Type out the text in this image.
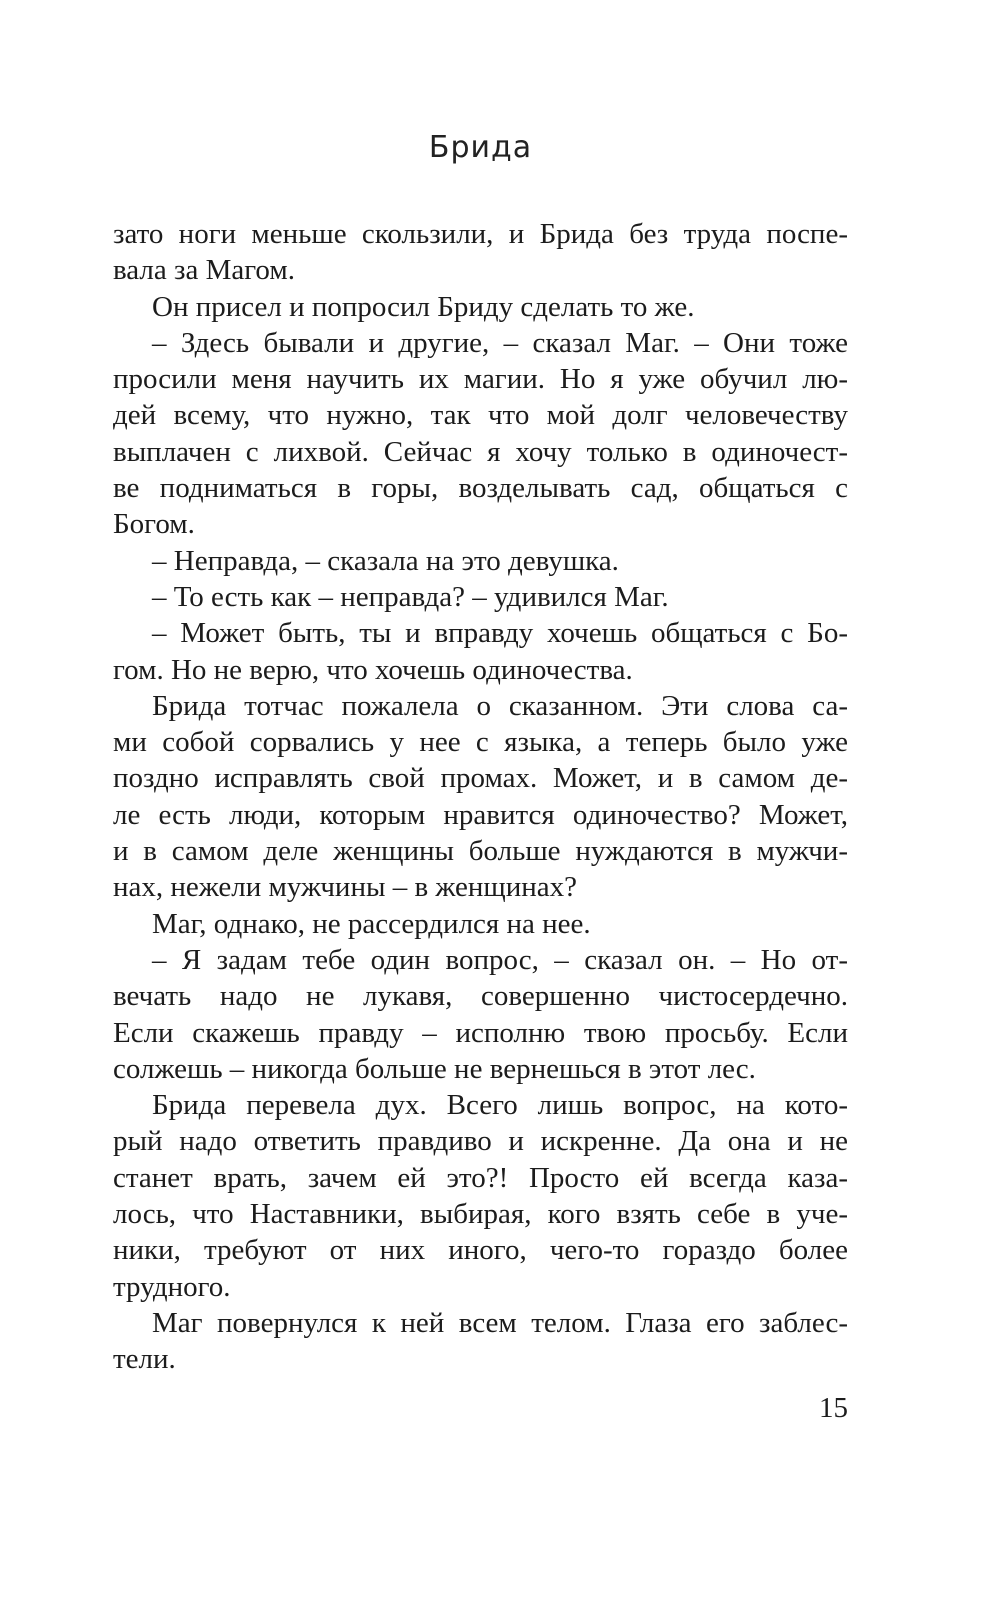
Брида
зато ноги меньше скользили, и Брида без труда поспе-
вала за Магом.
Он присел и попросил Бриду сделать то же.
– Здесь бывали и другие, – сказал Маг. – Они тоже
просили меня научить их магии. Но я уже обучил лю-
дей всему, что нужно, так что мой долг человечеству
выплачен с лихвой. Сейчас я хочу только в одиночест-
ве подниматься в горы, возделывать сад, общаться с
Богом.
– Неправда, – сказала на это девушка.
– То есть как – неправда? – удивился Маг.
– Может быть, ты и вправду хочешь общаться с Бо-
гом. Но не верю, что хочешь одиночества.
Брида тотчас пожалела о сказанном. Эти слова са-
ми собой сорвались у нее с языка, а теперь было уже
поздно исправлять свой промах. Может, и в самом де-
ле есть люди, которым нравится одиночество? Может,
и в самом деле женщины больше нуждаются в мужчи-
нах, нежели мужчины – в женщинах?
Маг, однако, не рассердился на нее.
– Я задам тебе один вопрос, – сказал он. – Но от-
вечать надо не лукавя, совершенно чистосердечно.
Если скажешь правду – исполню твою просьбу. Если
солжешь – никогда больше не вернешься в этот лес.
Брида перевела дух. Всего лишь вопрос, на кото-
рый надо ответить правдиво и искренне. Да она и не
станет врать, зачем ей это?! Просто ей всегда каза-
лось, что Наставники, выбирая, кого взять себе в уче-
ники, требуют от них иного, чего-то гораздо более
трудного.
Маг повернулся к ней всем телом. Глаза его заблес-
тели.
15
